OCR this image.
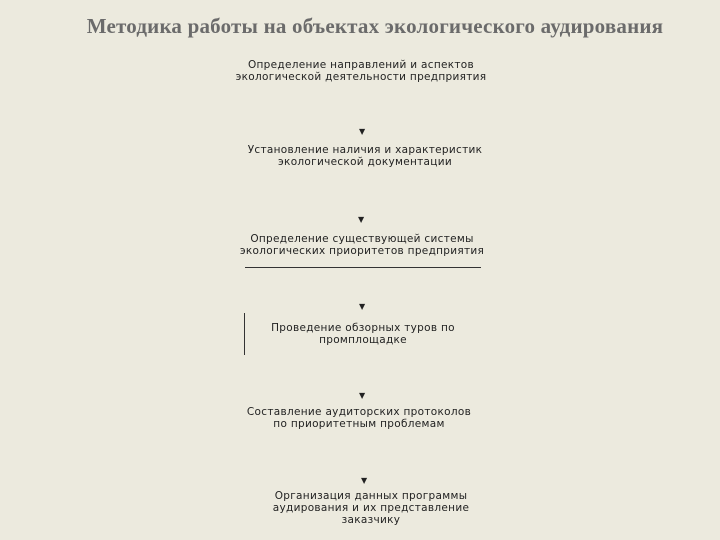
Методика работы на объектах экологического аудирования
Определение направлений и аспектов
экологической деятельности предприятия
▼
Установление наличия и характеристик
экологической документации
▼
Определение существующей системы
экологических приоритетов предприятия
▼
Проведение обзорных туров по
промплощадке
▼
Составление аудиторских протоколов
по приоритетным проблемам
▼
Организация данных программы
аудирования и их представление
заказчику
